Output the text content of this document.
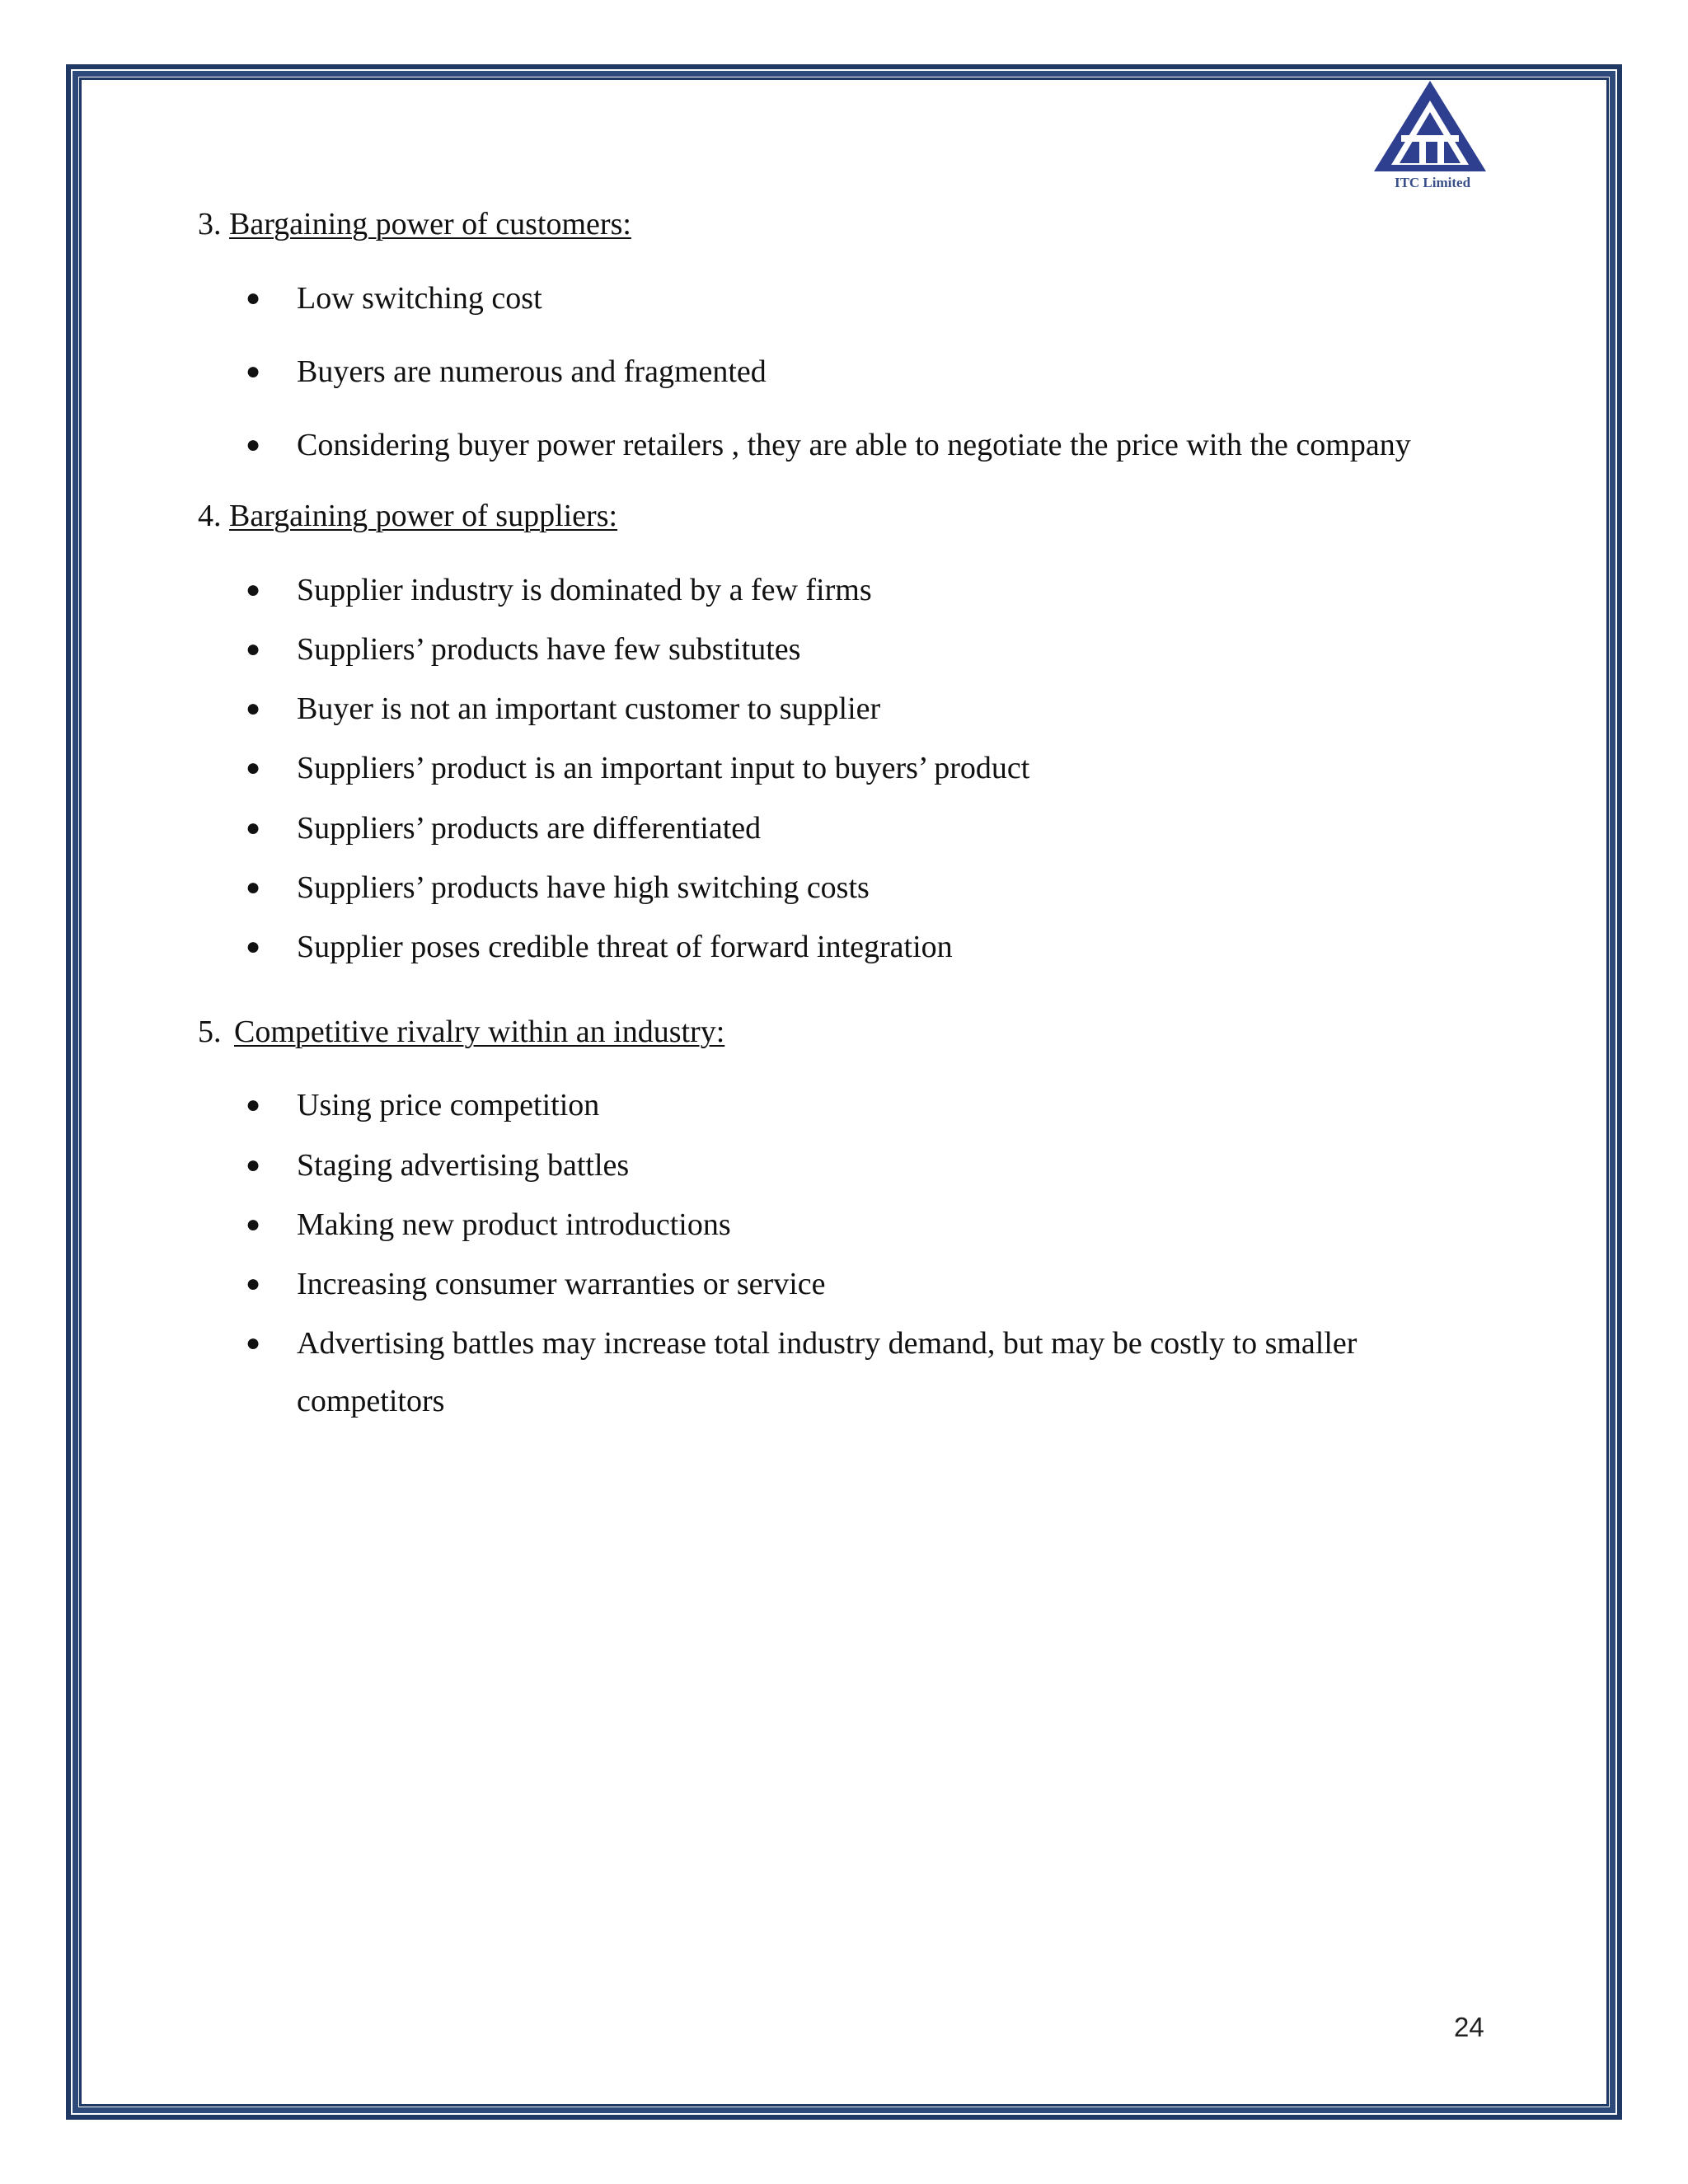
ITC Limited
3. Bargaining power of customers:
● Low switching cost
● Buyers are numerous and fragmented
● Considering buyer power retailers , they are able to negotiate the price with the company
4. Bargaining power of suppliers:
● Supplier industry is dominated by a few firms
● Suppliers’ products have few substitutes
● Buyer is not an important customer to supplier
● Suppliers’ product is an important input to buyers’ product
● Suppliers’ products are differentiated
● Suppliers’ products have high switching costs
● Supplier poses credible threat of forward integration
5. Competitive rivalry within an industry:
● Using price competition
● Staging advertising battles
● Making new product introductions
● Increasing consumer warranties or service
● Advertising battles may increase total industry demand, but may be costly to smaller competitors
24
